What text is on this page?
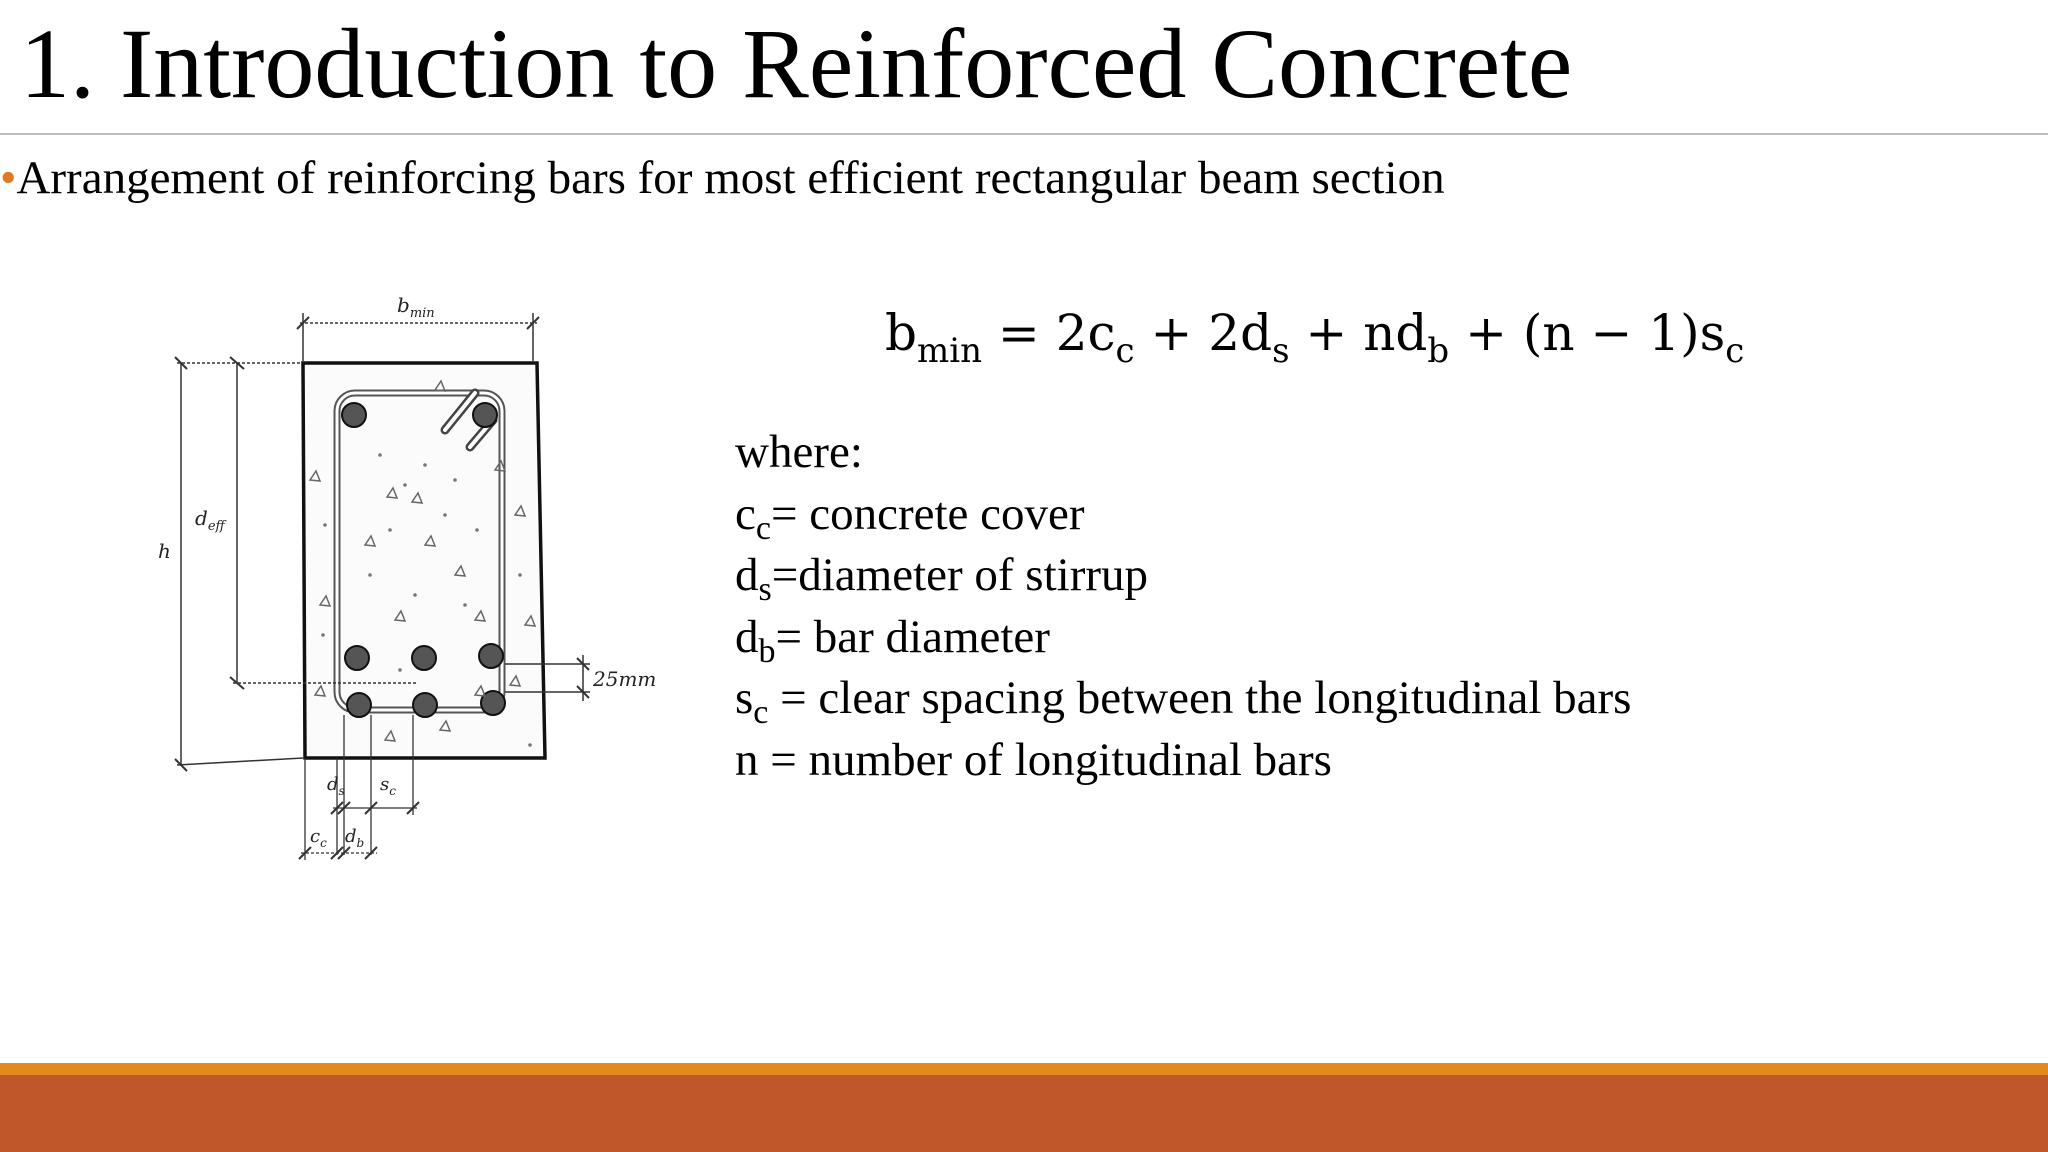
1. Introduction to Reinforced Concrete
•Arrangement of reinforcing bars for most efficient rectangular beam section
$b_{min}$
h
$d_{eff}$
25mm
$d_s$ $s_c$
$c_c$ $d_b$
$b_{min} = 2c_c + 2d_s + nd_b + (n - 1)s_c$
where:
$c_c=$ concrete cover
$d_s=diameter$ of stirrup
$d_b=$ bar diameter
$s_c$ = clear spacing between the longitudinal bars
n = number of longitudinal bars
